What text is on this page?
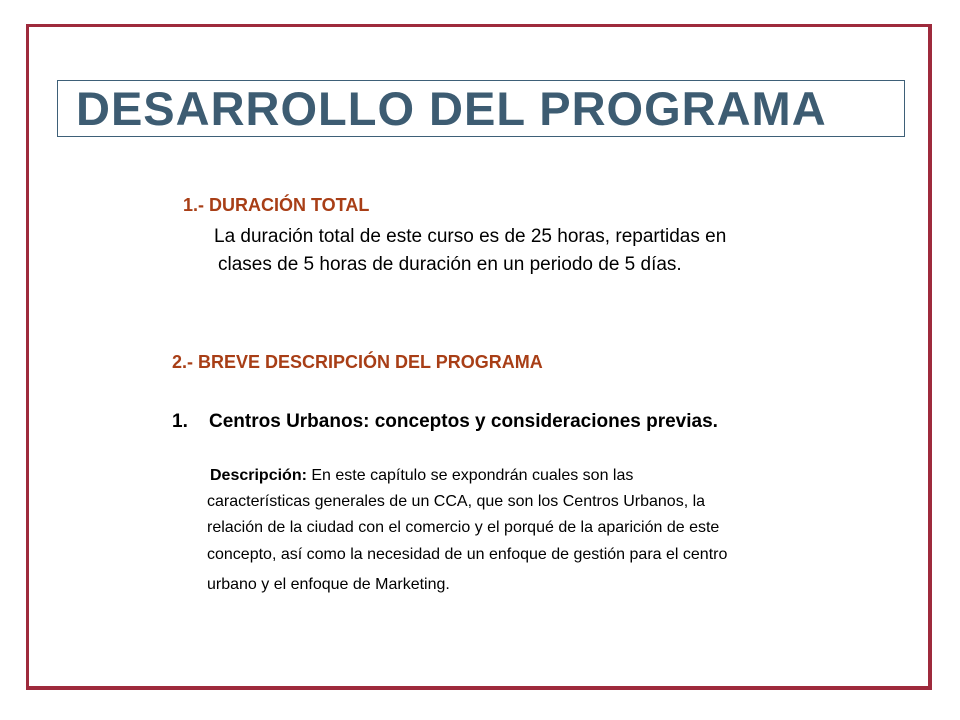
DESARROLLO DEL PROGRAMA
1.- DURACIÓN TOTAL
La duración total de este curso es de 25 horas, repartidas en
clases de 5 horas de duración en un periodo de 5 días.
2.- BREVE DESCRIPCIÓN DEL PROGRAMA
1. Centros Urbanos: conceptos y consideraciones previas.
Descripción: En este capítulo se expondrán cuales son las
características generales de un CCA, que son los Centros Urbanos, la
relación de la ciudad con el comercio y el porqué de la aparición de este
concepto, así como la necesidad de un enfoque de gestión para el centro
urbano y el enfoque de Marketing.
